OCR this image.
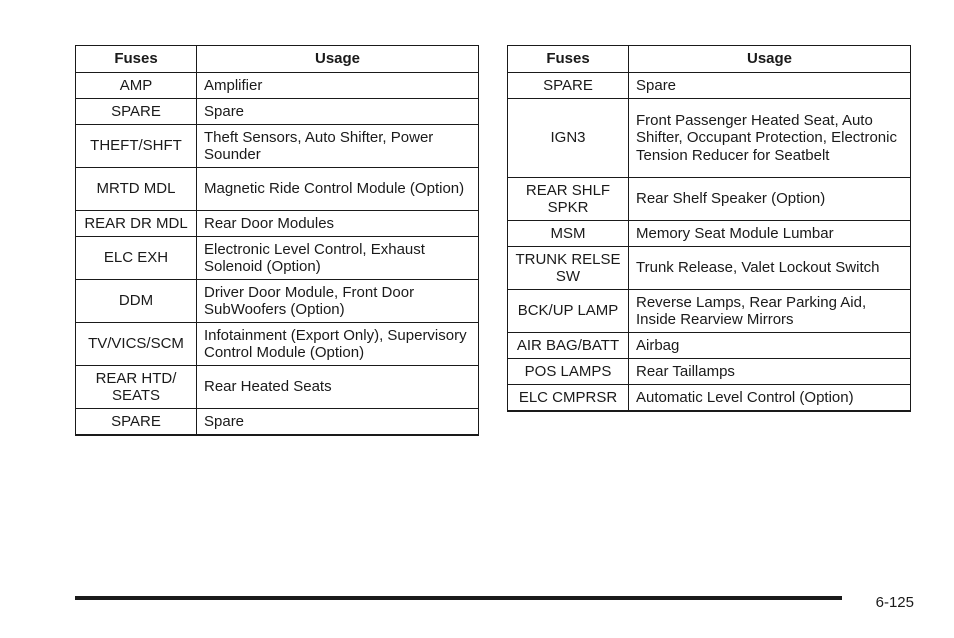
Fuses	Usage
AMP	Amplifier
SPARE	Spare
THEFT/SHFT	Theft Sensors, Auto Shifter, Power Sounder
MRTD MDL	Magnetic Ride Control Module (Option)
REAR DR MDL	Rear Door Modules
ELC EXH	Electronic Level Control, Exhaust Solenoid (Option)
DDM	Driver Door Module, Front Door SubWoofers (Option)
TV/VICS/SCM	Infotainment (Export Only), Supervisory Control Module (Option)
REAR HTD/ SEATS	Rear Heated Seats
SPARE	Spare
Fuses	Usage
SPARE	Spare
IGN3	Front Passenger Heated Seat, Auto Shifter, Occupant Protection, Electronic Tension Reducer for Seatbelt
REAR SHLF SPKR	Rear Shelf Speaker (Option)
MSM	Memory Seat Module Lumbar
TRUNK RELSE SW	Trunk Release, Valet Lockout Switch
BCK/UP LAMP	Reverse Lamps, Rear Parking Aid, Inside Rearview Mirrors
AIR BAG/BATT	Airbag
POS LAMPS	Rear Taillamps
ELC CMPRSR	Automatic Level Control (Option)
6-125
